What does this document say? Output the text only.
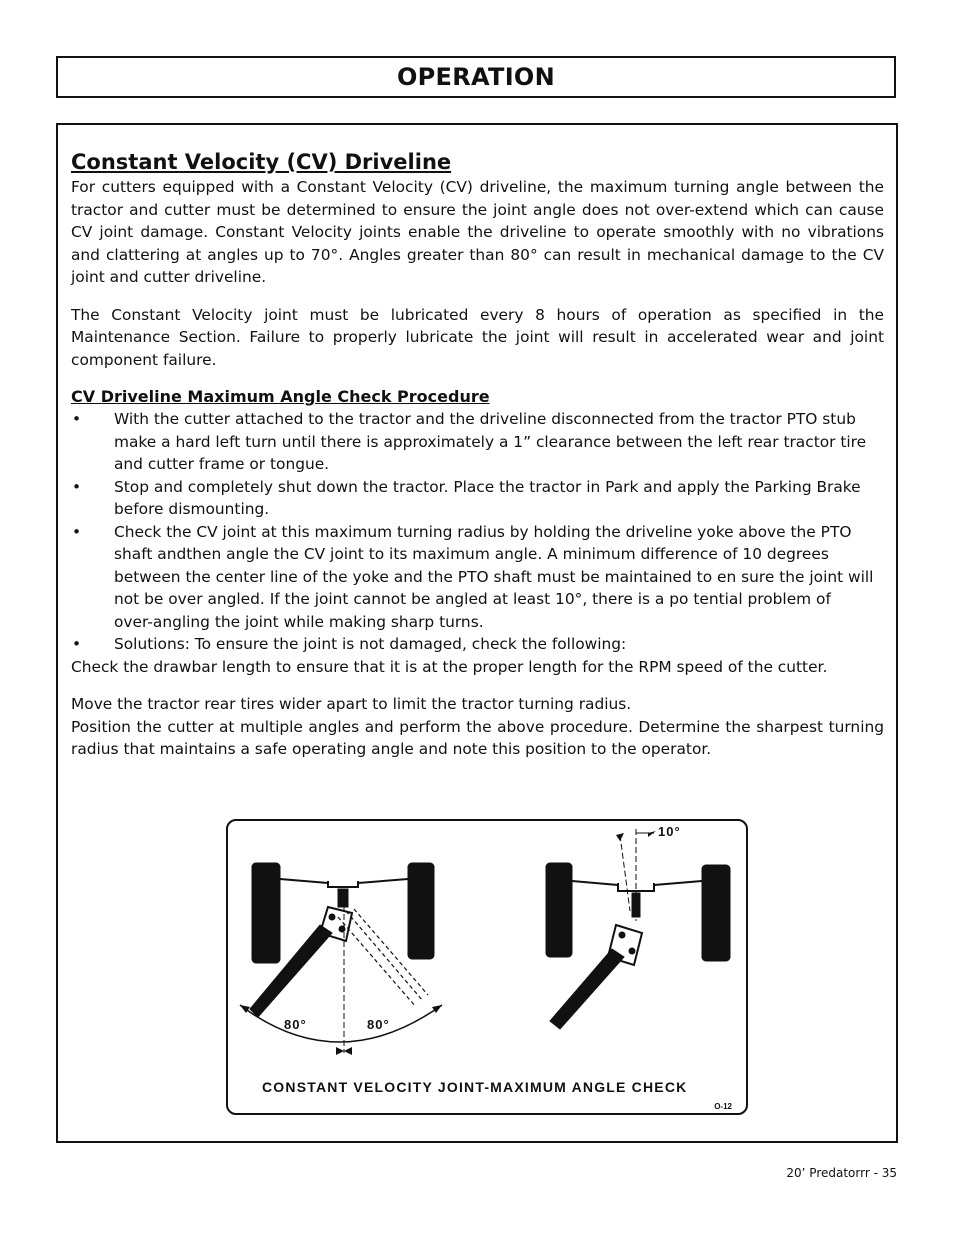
OPERATION
Constant Velocity (CV) Driveline

For cutters equipped with a Constant Velocity (CV) driveline, the maximum turning angle between the tractor and cutter must be determined to ensure the joint angle does not over-extend which can cause CV joint damage. Constant Velocity joints enable the driveline to operate smoothly with no vibrations and clattering at angles up to 70°. Angles greater than 80° can result in mechanical damage to the CV joint and cutter driveline.

The Constant Velocity joint must be lubricated every 8 hours of operation as specified in the Maintenance Section. Failure to properly lubricate the joint will result in accelerated wear and joint component failure.

CV Driveline Maximum Angle Check Procedure
• With the cutter attached to the tractor and the driveline disconnected from the tractor PTO stub make a hard left turn until there is approximately a 1” clearance between the left rear tractor tire and cutter frame or tongue.
• Stop and completely shut down the tractor. Place the tractor in Park and apply the Parking Brake before dismounting.
• Check the CV joint at this maximum turning radius by holding the driveline yoke above the PTO shaft andthen angle the CV joint to its maximum angle. A minimum difference of 10 degrees between the center line of the yoke and the PTO shaft must be maintained to en sure the joint will not be over angled. If the joint cannot be angled at least 10°, there is a po tential problem of over-angling the joint while making sharp turns.
• Solutions: To ensure the joint is not damaged, check the following:

Check the drawbar length to ensure that it is at the proper length for the RPM speed of the cutter.

Move the tractor rear tires wider apart to limit the tractor turning radius.

Position the cutter at multiple angles and perform the above procedure. Determine the sharpest turning radius that maintains a safe operating angle and note this position to the operator.

80°	80°
10°
CONSTANT VELOCITY JOINT-MAXIMUM ANGLE CHECK
O-12
20’ Predatorrr - 35
